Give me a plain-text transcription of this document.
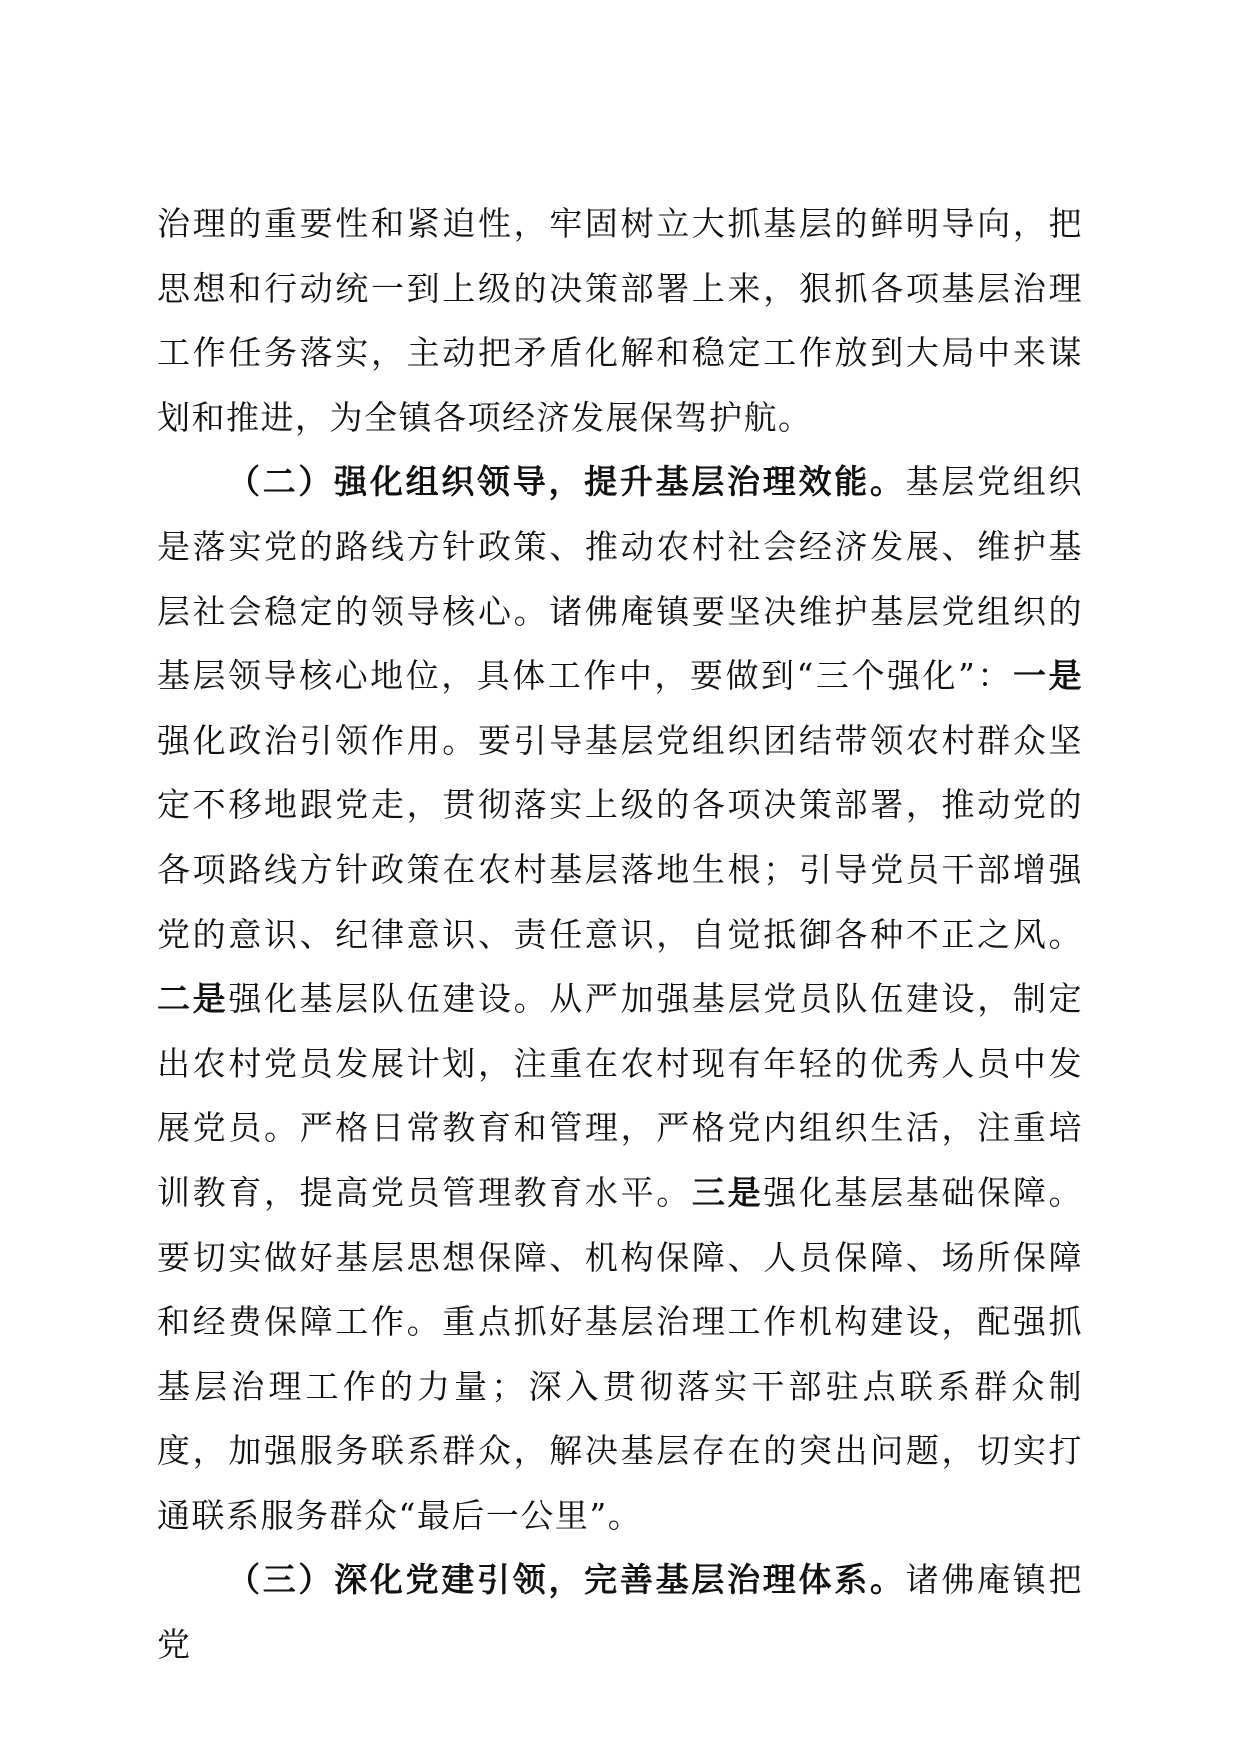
治理的重要性和紧迫性，牢固树立大抓基层的鲜明导向，把思想和行动统一到上级的决策部署上来，狠抓各项基层治理工作任务落实，主动把矛盾化解和稳定工作放到大局中来谋划和推进，为全镇各项经济发展保驾护航。

（二）强化组织领导，提升基层治理效能。基层党组织是落实党的路线方针政策、推动农村社会经济发展、维护基层社会稳定的领导核心。诸佛庵镇要坚决维护基层党组织的基层领导核心地位，具体工作中，要做到“三个强化”：一是强化政治引领作用。要引导基层党组织团结带领农村群众坚定不移地跟党走，贯彻落实上级的各项决策部署，推动党的各项路线方针政策在农村基层落地生根；引导党员干部增强党的意识、纪律意识、责任意识，自觉抵御各种不正之风。二是强化基层队伍建设。从严加强基层党员队伍建设，制定出农村党员发展计划，注重在农村现有年轻的优秀人员中发展党员。严格日常教育和管理，严格党内组织生活，注重培训教育，提高党员管理教育水平。三是强化基层基础保障。要切实做好基层思想保障、机构保障、人员保障、场所保障和经费保障工作。重点抓好基层治理工作机构建设，配强抓基层治理工作的力量；深入贯彻落实干部驻点联系群众制度，加强服务联系群众，解决基层存在的突出问题，切实打通联系服务群众“最后一公里”。

（三）深化党建引领，完善基层治理体系。诸佛庵镇把党
